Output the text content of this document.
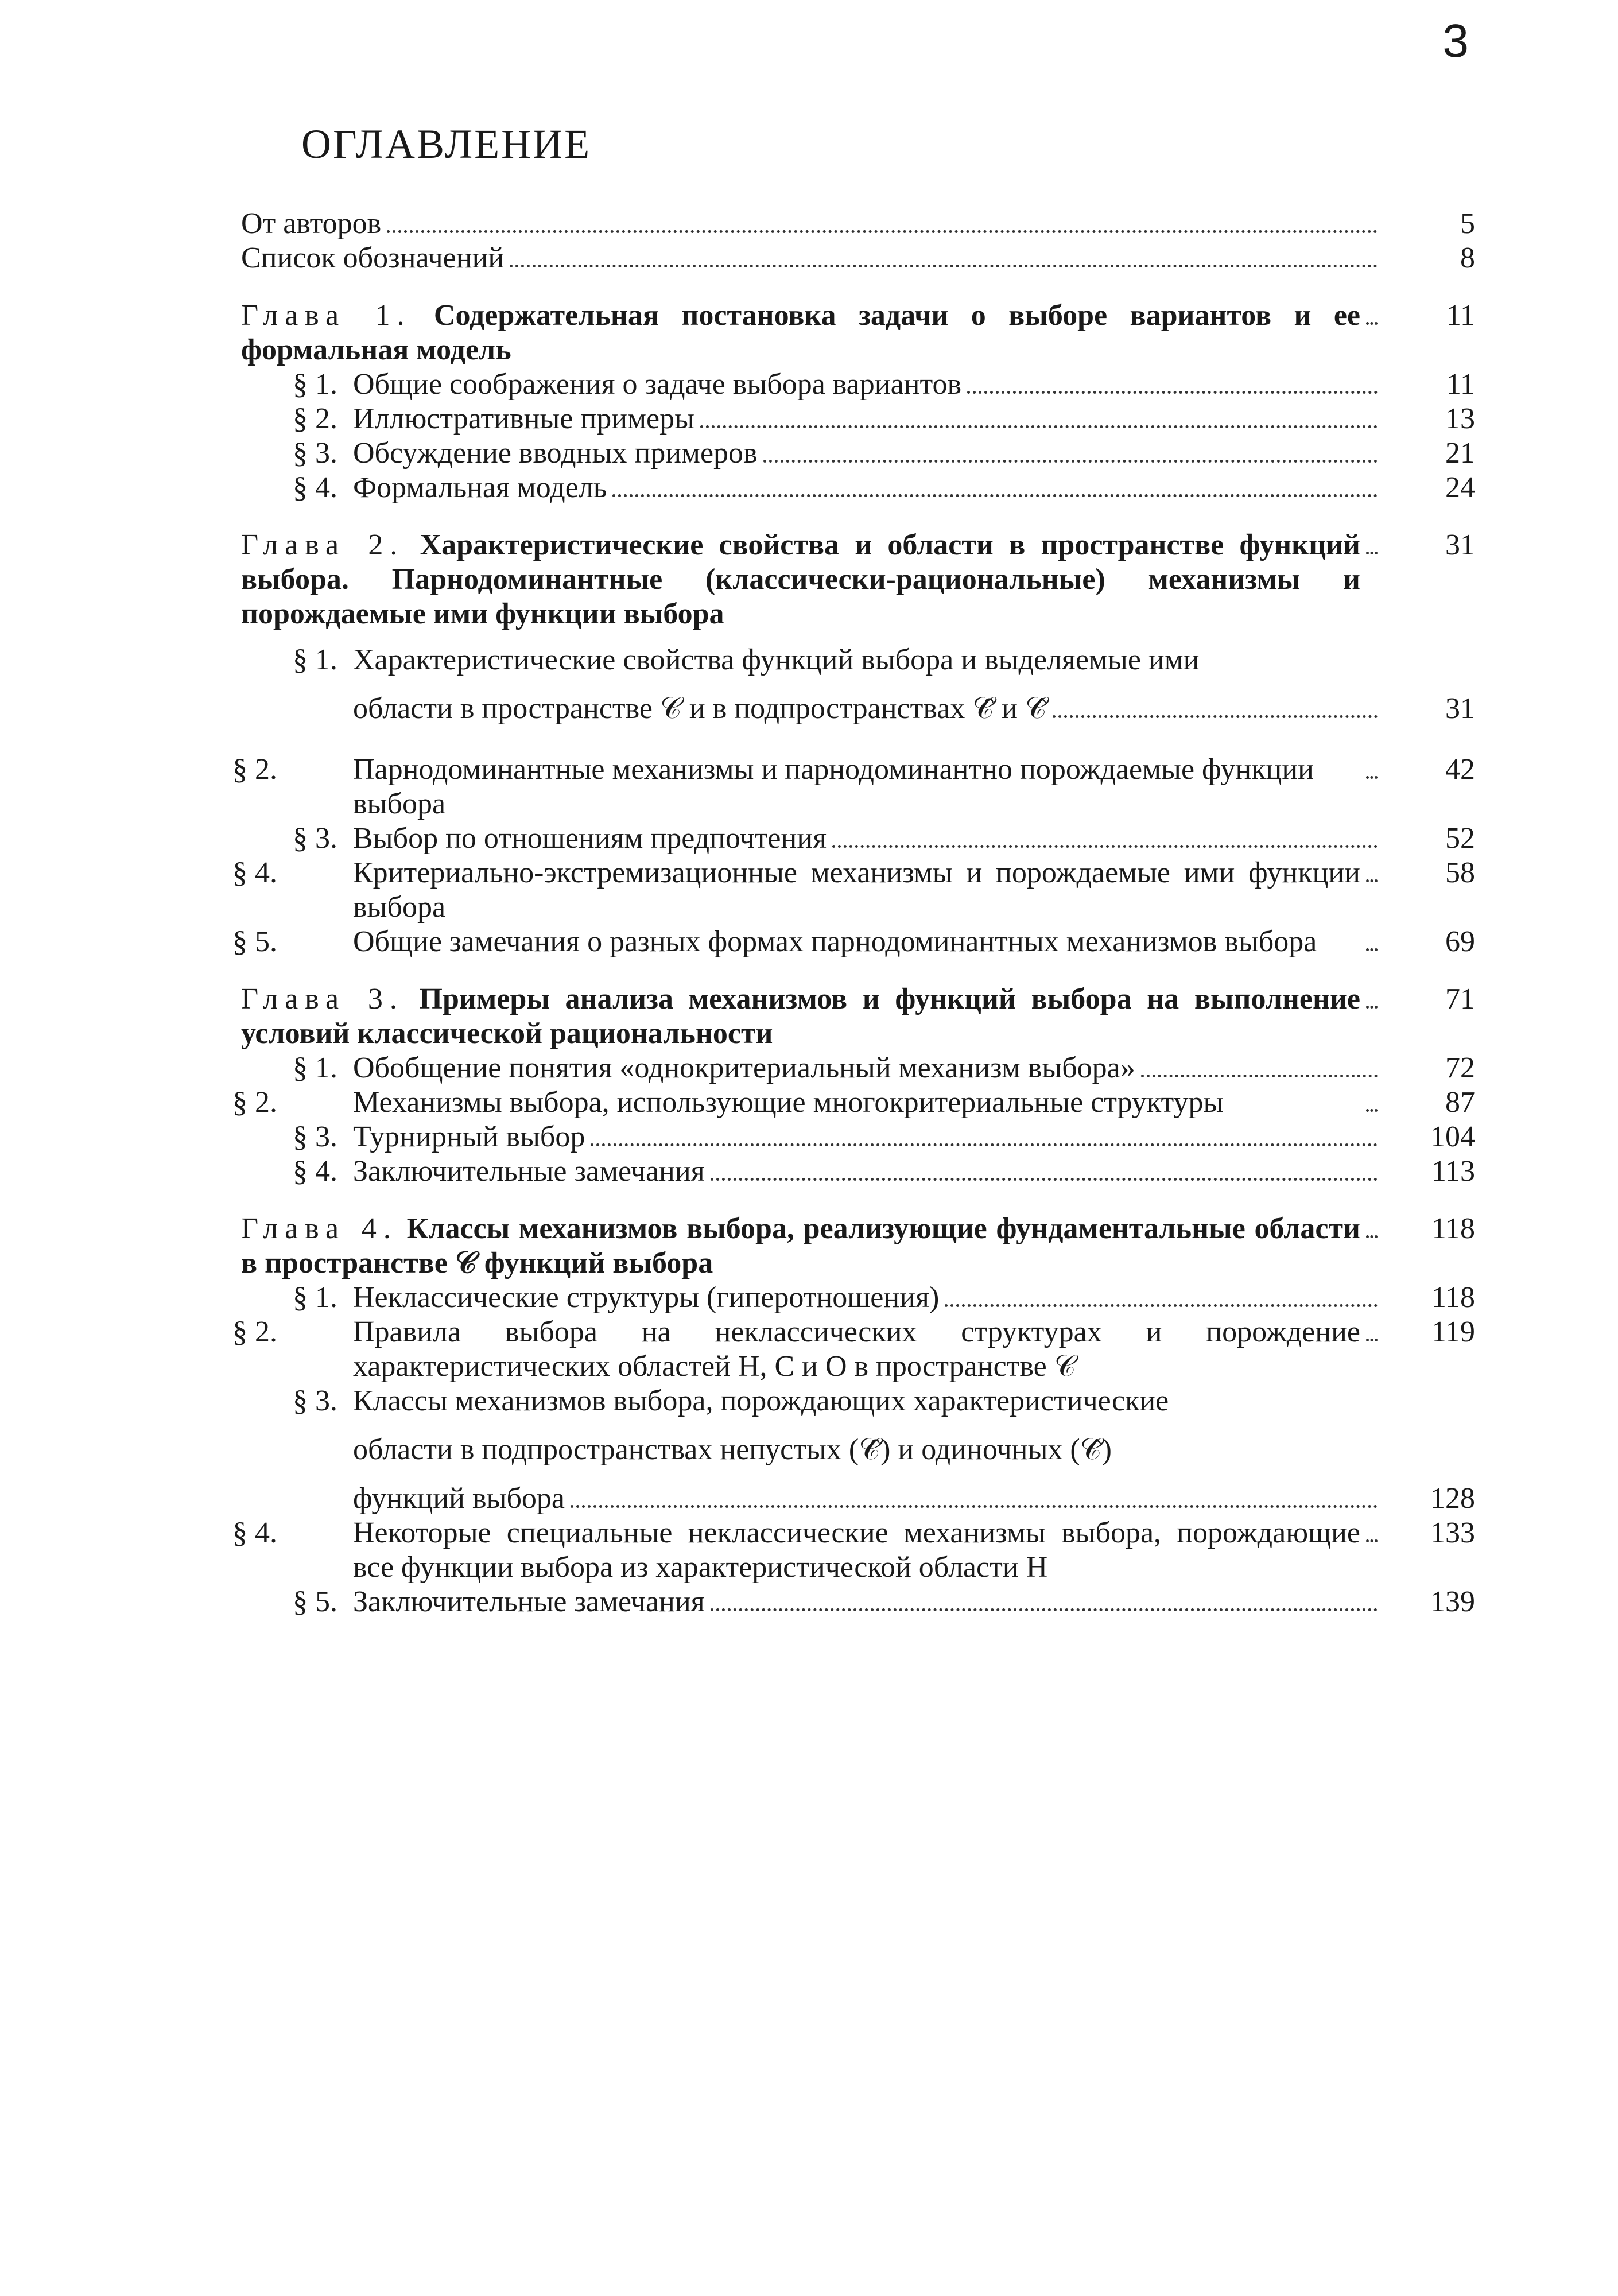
3
ОГЛАВЛЕНИЕ
От авторов	5
Список обозначений	8
Глава 1. Содержательная постановка задачи о выборе вариантов и ее формальная модель
11
§ 1. Общие соображения о задаче выбора вариантов	11
§ 2. Иллюстративные примеры	13
§ 3. Обсуждение вводных примеров	21
§ 4. Формальная модель	24
Глава 2. Характеристические свойства и области в пространстве функций выбора. Парнодоминантные (классически-рациональные) механизмы и порождаемые ими функции выбора
31
§ 1. Характеристические свойства функций выбора и выделяемые ими
области в пространстве 𝒞 и в подпространствах 𝒞̑ и 𝒞̂	31
§ 2.	Парнодоминантные механизмы и парнодоминантно порождаемые функции выбора
42
§ 3. Выбор по отношениям предпочтения	52
§ 4.	Критериально-экстремизационные механизмы и порождаемые ими функции выбора
58
§ 5.	Общие замечания о разных формах парнодоминантных механизмов выбора	69
Глава 3. Примеры анализа механизмов и функций выбора на выполнение условий классической рациональности
71
§ 1. Обобщение понятия «однокритериальный механизм выбора»	72
§ 2.	Механизмы выбора, использующие многокритериальные структуры	87
§ 3. Турнирный выбор	104
§ 4. Заключительные замечания	113
Глава 4. Классы механизмов выбора, реализующие фундаментальные области в пространстве 𝒞 функций выбора
118
§ 1. Неклассические структуры (гиперотношения)	118
§ 2.	Правила выбора на неклассических структурах и порождение характеристических областей H, C и O в пространстве 𝒞
119
§ 3. Классы механизмов выбора, порождающих характеристические
области в подпространствах непустых (𝒞̑) и одиночных (𝒞̂)
функций выбора	128
§ 4.	Некоторые специальные неклассические механизмы выбора, порождающие все функции выбора из характеристической области H
133
§ 5. Заключительные замечания	139
